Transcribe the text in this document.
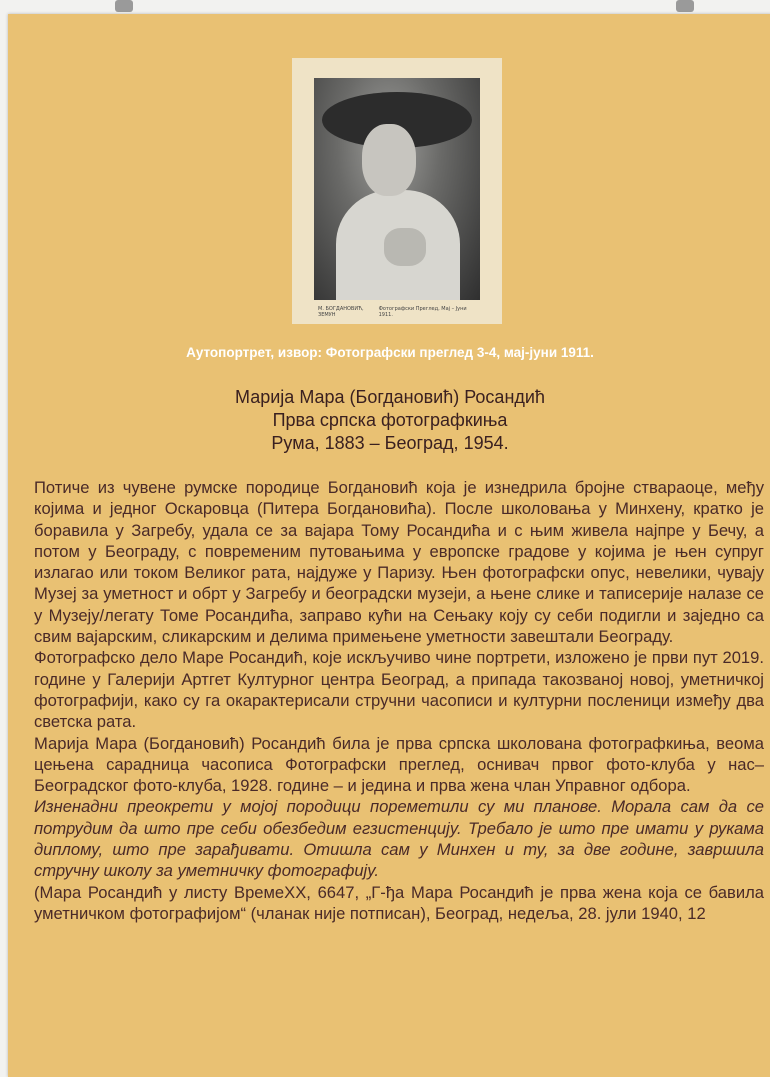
М. БОГДАНОВИЋ, ЗЕМУН
Фотографски Преглед, Мај – Јуни 1911.
Аутопортрет, извор: Фотографски преглед 3-4, мај-јуни 1911.
Марија Мара (Богдановић) Росандић
Прва српска фотографкиња
Рума, 1883 – Београд, 1954.

Потиче из чувене румске породице Богдановић која је изнедрила бројне ствараоце, међу којима и једног Оскаровца (Питера Богдановића). После школовања у Минхену, кратко је боравила у Загребу, удала се за вајара Тому Росандића и с њим живела најпре у Бечу, а потом у Београду, с повременим путовањима у европске градове у којима је њен супруг излагао или током Великог рата, најдуже у Паризу. Њен фотографски опус, невелики, чувају Музеј за уметност и обрт у Загребу и београдски музеји, а њене слике и таписерије налазе се у Музеју/легату Томе Росандића, заправо кући на Сењаку коју су себи подигли и заједно са свим вајарским, сликарским и делима примењене уметности завештали Београду.

Фотографско дело Маре Росандић, које искључиво чине портрети, изложено је први пут 2019. године у Галерији Артгет Културног центра Београд, а припада такозваној новој, уметничкој фотографији, како су га окарактерисали стручни часописи и културни посленици између два светска рата.

Марија Мара (Богдановић) Росандић била је прва српска школована фотографкиња, веома цењена сарадница часописа Фотографски преглед, оснивач првог фото-клуба у нас– Београдског фото-клуба, 1928. године – и једина и прва жена члан Управног одбора.

Изненадни преокрети у мојој породици пореметили су ми планове. Морала сам да се потрудим да што пре себи обезбедим егзистенцију. Требало је што пре имати у рукама диплому, што пре зарађивати. Отишла сам у Минхен и ту, за две године, завршила стручну школу за уметничку фотографију.

(Мара Росандић у листу ВремеХХ, 6647, „Г-ђа Мара Росандић је прва жена која се бавила уметничком фотографијом“ (чланак није потписан), Београд, недеља, 28. јули 1940, 12
